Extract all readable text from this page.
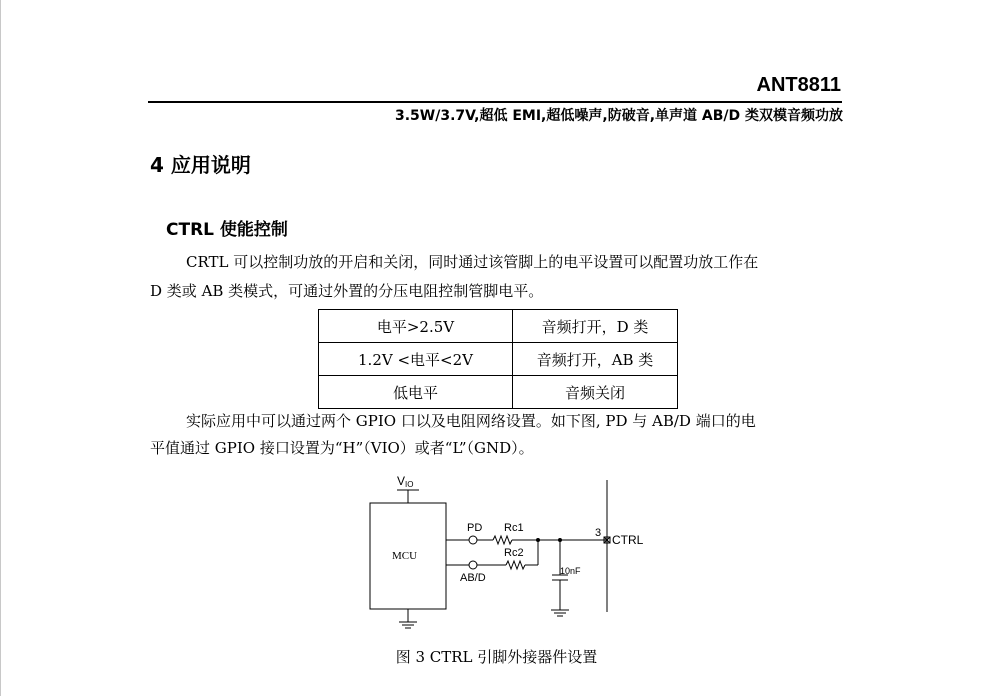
ANT8811
3.5W/3.7V,超低 EMI,超低噪声,防破音,单声道 AB/D 类双模音频功放
4 应用说明
CTRL 使能控制
CRTL 可以控制功放的开启和关闭，同时通过该管脚上的电平设置可以配置功放工作在
D 类或 AB 类模式，可通过外置的分压电阻控制管脚电平。
电平>2.5V	音频打开，D 类
1.2V <电平<2V	音频打开，AB 类
低电平	音频关闭
实际应用中可以通过两个 GPIO 口以及电阻网络设置。如下图, PD 与 AB/D 端口的电
平值通过 GPIO 接口设置为“H”（VIO）或者“L”（GND）。
VIO
MCU
PD
AB/D
Rc1
Rc2
10nF
3 CTRL
图 3 CTRL 引脚外接器件设置
